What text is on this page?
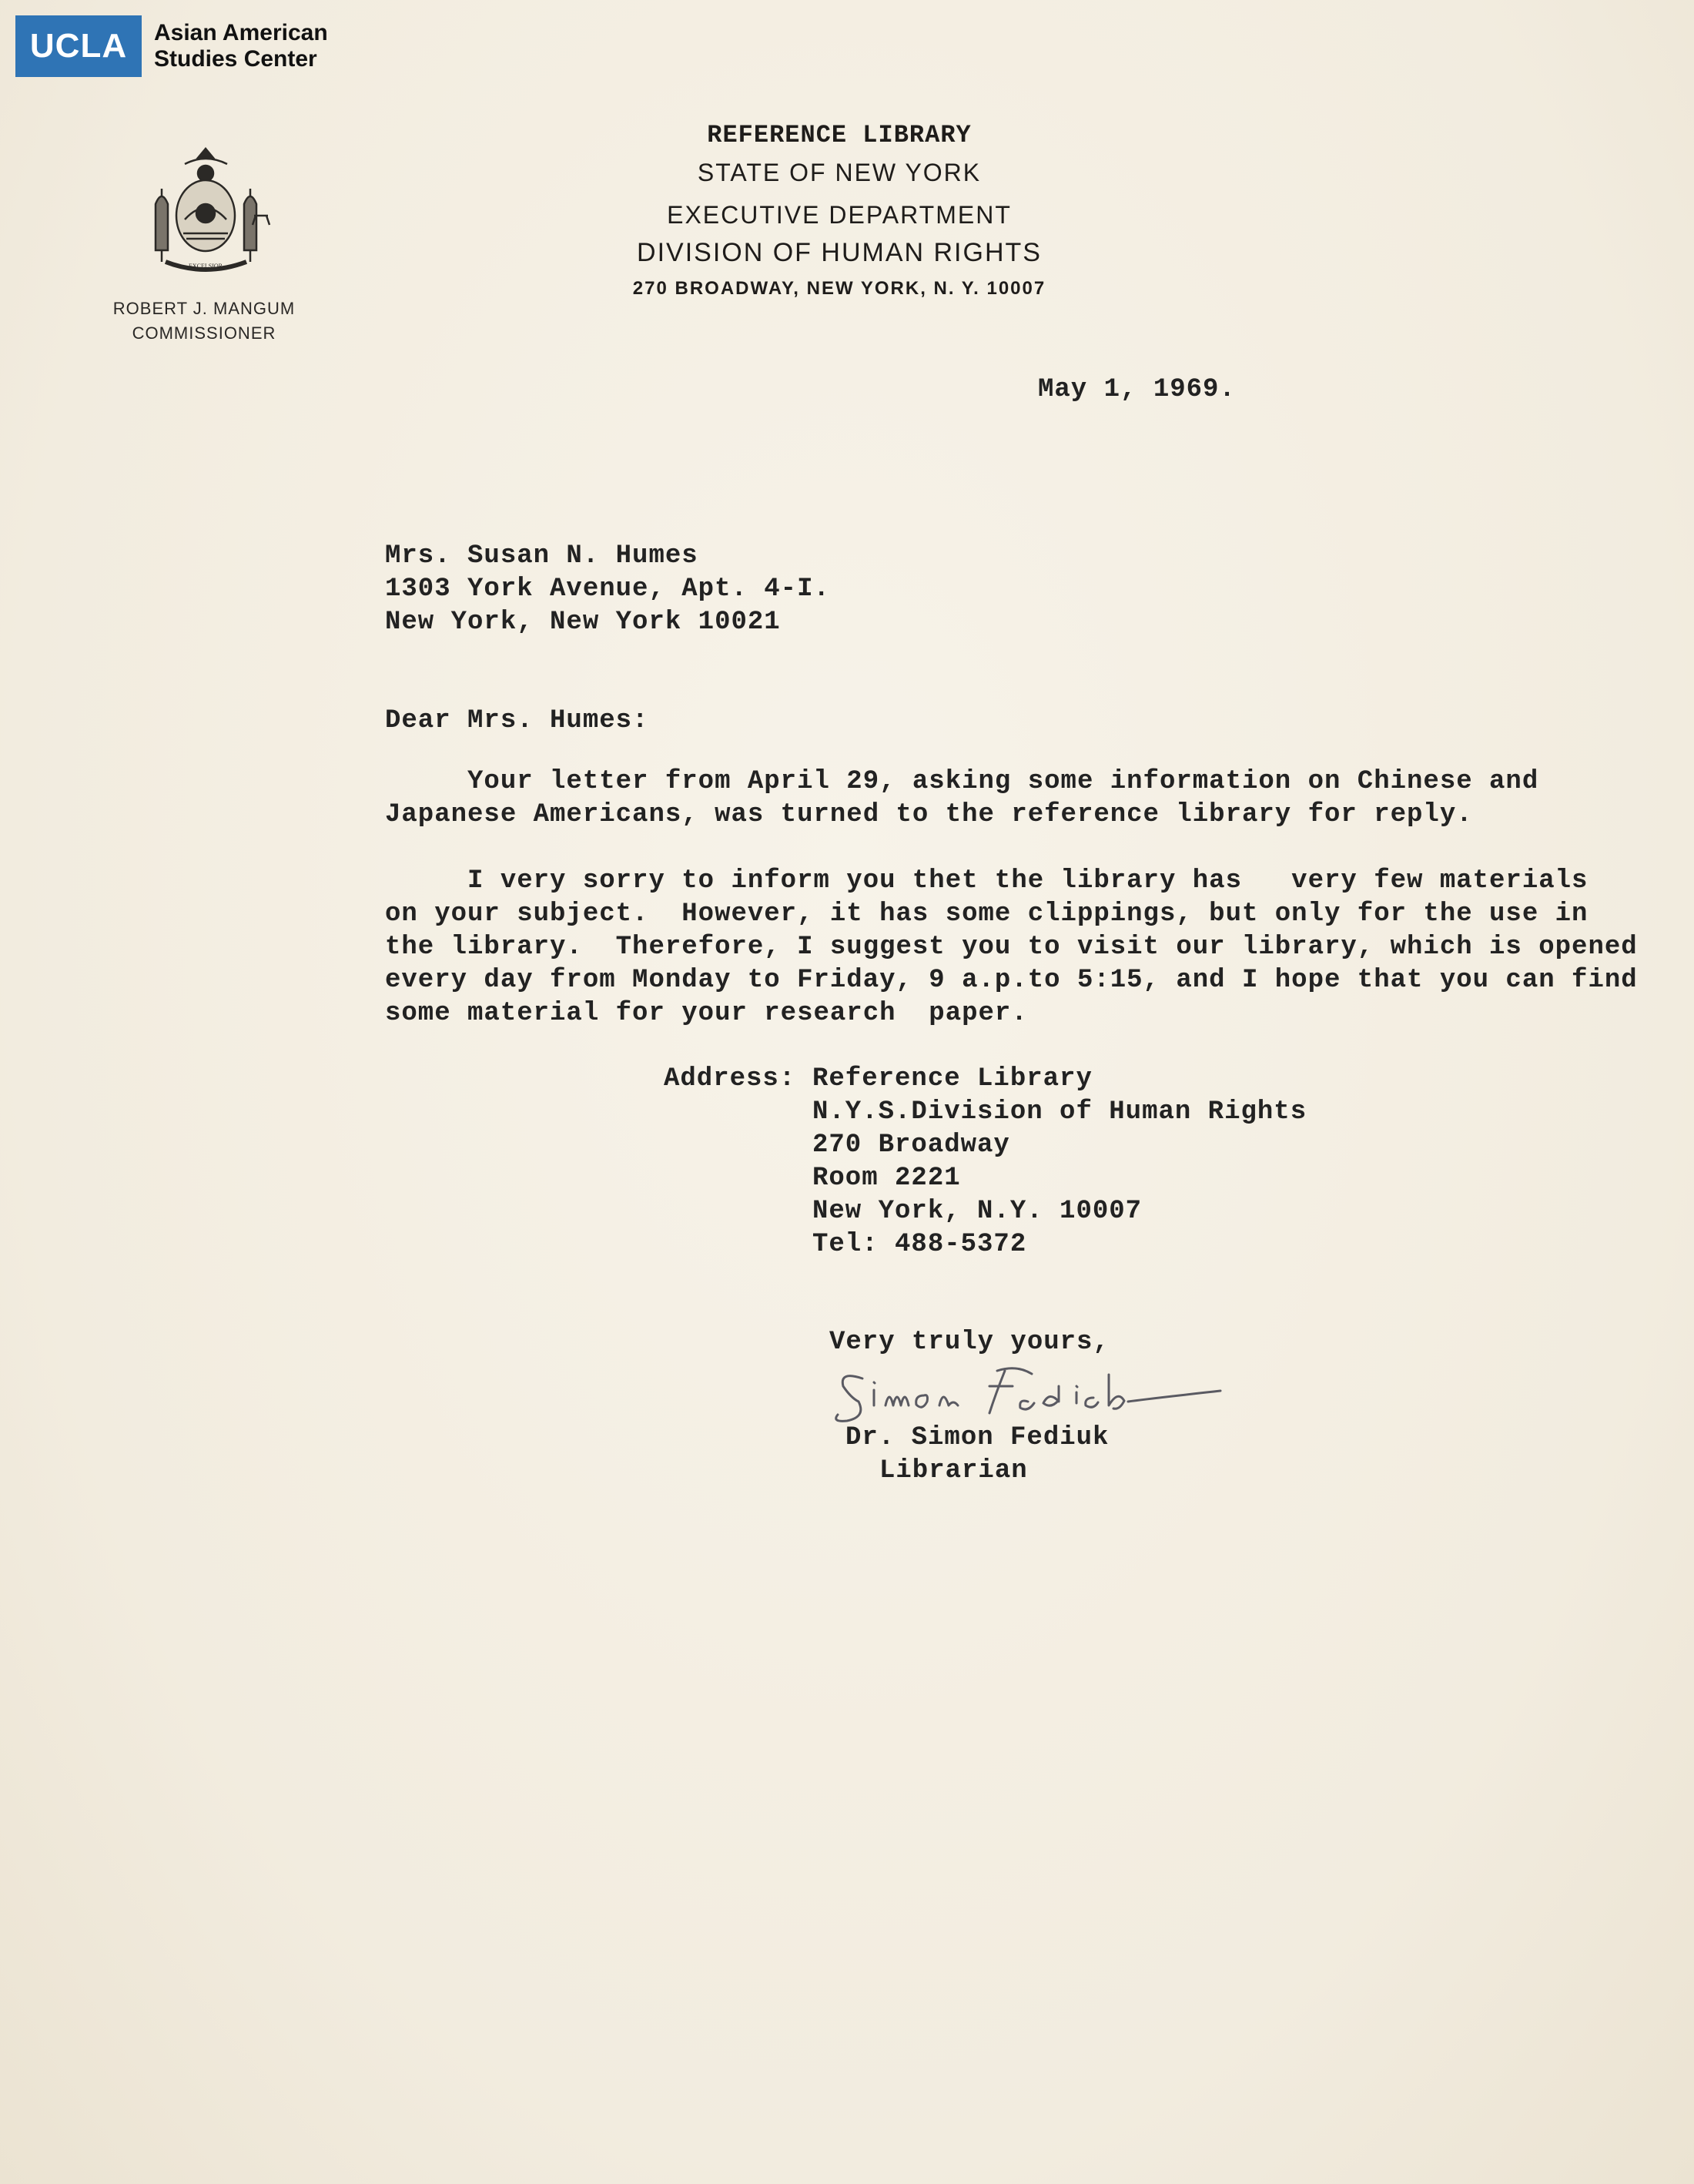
UCLA	Asian American
Studies Center
EXCELSIOR
ROBERT J. MANGUM
COMMISSIONER
REFERENCE LIBRARY
STATE OF NEW YORK
EXECUTIVE DEPARTMENT
DIVISION OF HUMAN RIGHTS
270 BROADWAY, NEW YORK, N. Y. 10007
May 1, 1969.
Mrs. Susan N. Humes
1303 York Avenue, Apt. 4-I.
New York, New York 10021
Dear Mrs. Humes:
Your letter from April 29, asking some information on Chinese and
Japanese Americans, was turned to the reference library for reply.
I very sorry to inform you thet the library has   very few materials
on your subject.  However, it has some clippings, but only for the use in
the library.  Therefore, I suggest you to visit our library, which is opened
every day from Monday to Friday, 9 a.p.to 5:15, and I hope that you can find
some material for your research  paper.
Address: Reference Library
N.Y.S.Division of Human Rights
270 Broadway
Room 2221
New York, N.Y. 10007
Tel: 488-5372
Very truly yours,
Dr. Simon Fediuk
Librarian
